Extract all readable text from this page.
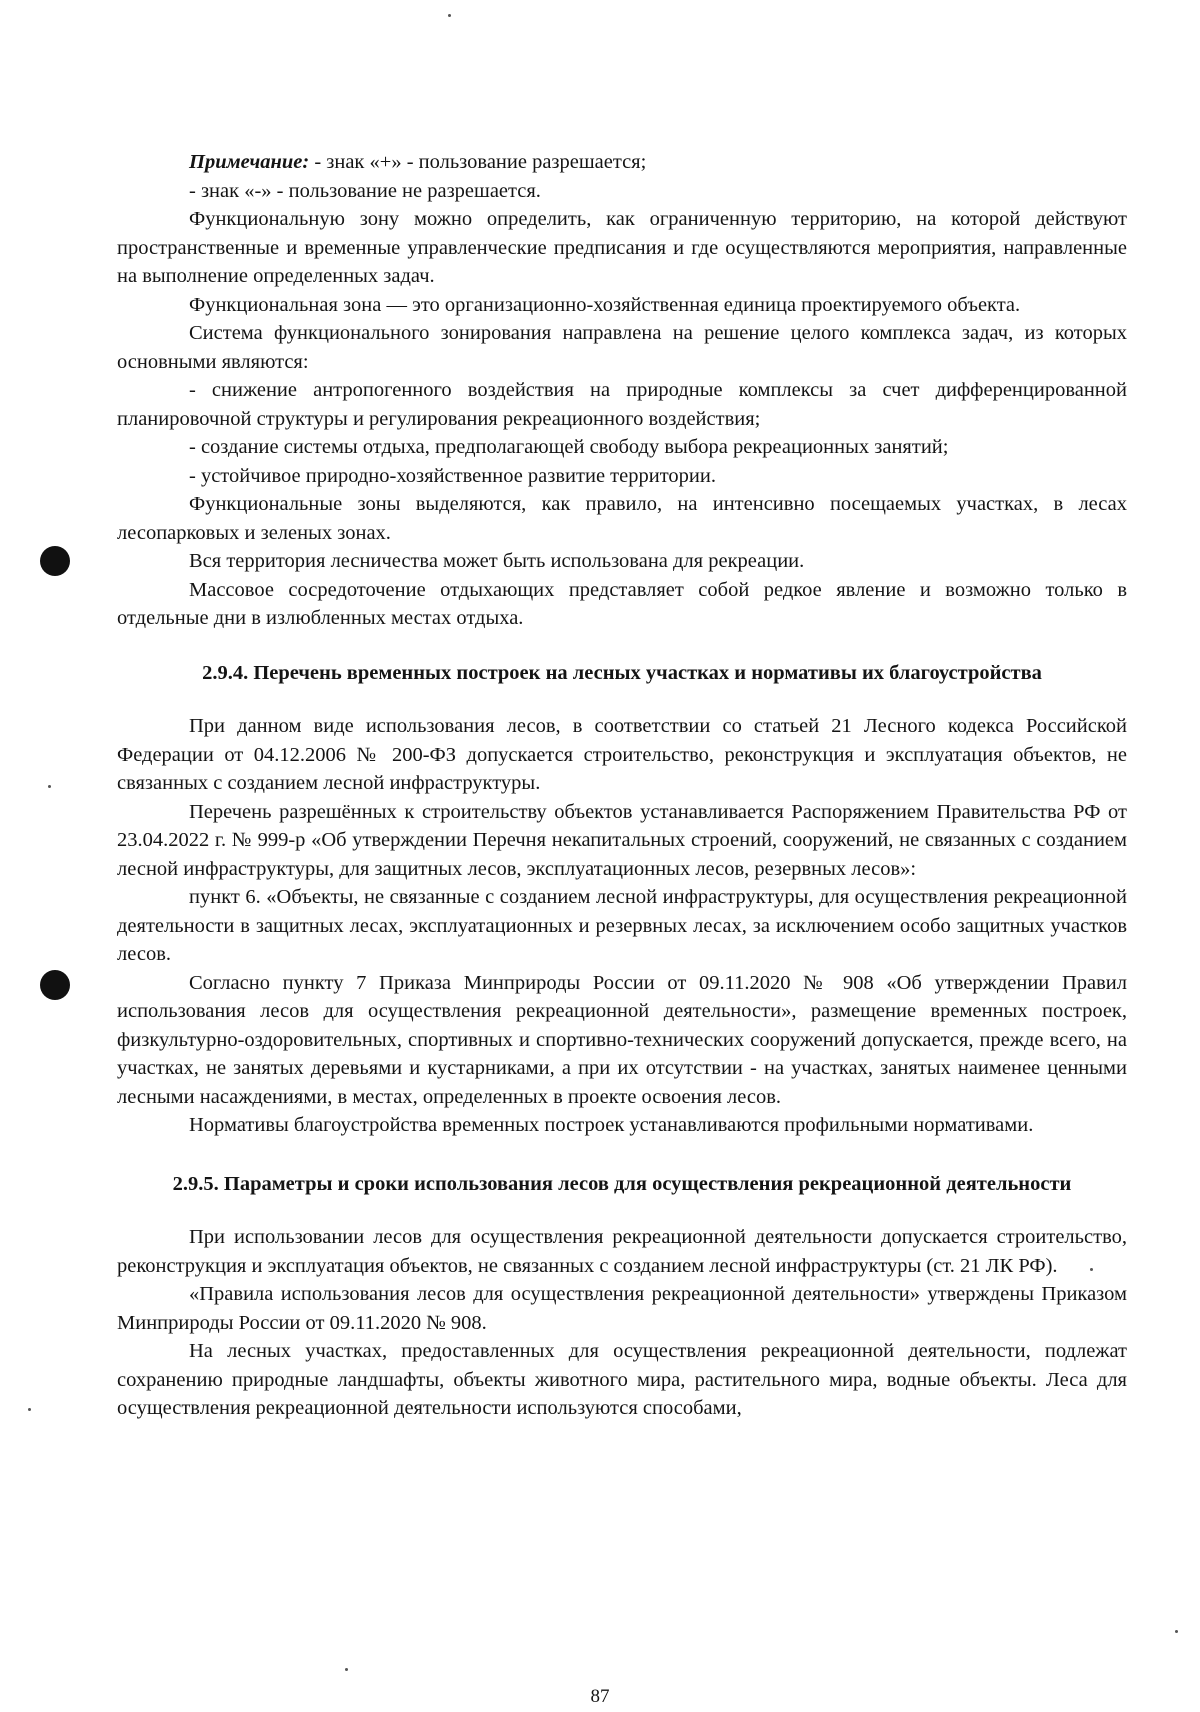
Примечание: - знак «+» - пользование разрешается;

- знак «-» - пользование не разрешается.

Функциональную зону можно определить, как ограниченную территорию, на которой действуют пространственные и временные управленческие предписания и где осуществляются мероприятия, направленные на выполнение определенных задач.

Функциональная зона — это организационно-хозяйственная единица проектируемого объекта.

Система функционального зонирования направлена на решение целого комплекса задач, из которых основными являются:

- снижение антропогенного воздействия на природные комплексы за счет дифференцированной планировочной структуры и регулирования рекреационного воздействия;

- создание системы отдыха, предполагающей свободу выбора рекреационных занятий;

- устойчивое природно-хозяйственное развитие территории.

Функциональные зоны выделяются, как правило, на интенсивно посещаемых участках, в лесах лесопарковых и зеленых зонах.

Вся территория лесничества может быть использована для рекреации.

Массовое сосредоточение отдыхающих представляет собой редкое явление и возможно только в отдельные дни в излюбленных местах отдыха.

2.9.4. Перечень временных построек на лесных участках и нормативы их благоустройства

При данном виде использования лесов, в соответствии со статьей 21 Лесного кодекса Российской Федерации от 04.12.2006 № 200-ФЗ допускается строительство, реконструкция и эксплуатация объектов, не связанных с созданием лесной инфраструктуры.

Перечень разрешённых к строительству объектов устанавливается Распоряжением Правительства РФ от 23.04.2022 г. № 999-р «Об утверждении Перечня некапитальных строений, сооружений, не связанных с созданием лесной инфраструктуры, для защитных лесов, эксплуатационных лесов, резервных лесов»:

пункт 6. «Объекты, не связанные с созданием лесной инфраструктуры, для осуществления рекреационной деятельности в защитных лесах, эксплуатационных и резервных лесах, за исключением особо защитных участков лесов.

Согласно пункту 7 Приказа Минприроды России от 09.11.2020 № 908 «Об утверждении Правил использования лесов для осуществления рекреационной деятельности», размещение временных построек, физкультурно-оздоровительных, спортивных и спортивно-технических сооружений допускается, прежде всего, на участках, не занятых деревьями и кустарниками, а при их отсутствии - на участках, занятых наименее ценными лесными насаждениями, в местах, определенных в проекте освоения лесов.

Нормативы благоустройства временных построек устанавливаются профильными нормативами.

2.9.5. Параметры и сроки использования лесов для осуществления рекреационной деятельности

При использовании лесов для осуществления рекреационной деятельности допускается строительство, реконструкция и эксплуатация объектов, не связанных с созданием лесной инфраструктуры (ст. 21 ЛК РФ).

«Правила использования лесов для осуществления рекреационной деятельности» утверждены Приказом Минприроды России от 09.11.2020 № 908.

На лесных участках, предоставленных для осуществления рекреационной деятельности, подлежат сохранению природные ландшафты, объекты животного мира, растительного мира, водные объекты. Леса для осуществления рекреационной деятельности используются способами,

87
